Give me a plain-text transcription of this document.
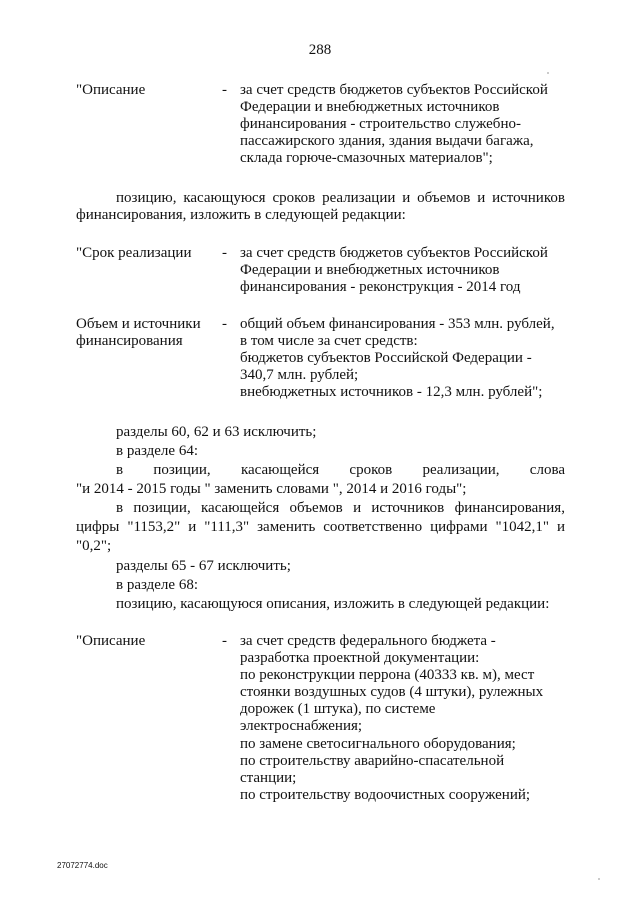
288
"Описание	- за счет средств бюджетов субъектов Российской
Федерации и внебюджетных источников
финансирования - строительство служебно-
пассажирского здания, здания выдачи багажа,
склада горюче-смазочных материалов";
позицию, касающуюся сроков реализации и объемов и источников
финансирования, изложить в следующей редакции:
"Срок реализации - за счет средств бюджетов субъектов Российской
Федерации и внебюджетных источников
финансирования - реконструкция - 2014 год
Объем и источники
финансирования
- общий объем финансирования - 353 млн. рублей,
в том числе за счет средств:
бюджетов субъектов Российской Федерации -
340,7 млн. рублей;
внебюджетных источников - 12,3 млн. рублей";
разделы 60, 62 и 63 исключить;
в разделе 64:
в позиции, касающейся сроков реализации, слова
"и 2014 - 2015 годы " заменить словами ", 2014 и 2016 годы";
в позиции, касающейся объемов и источников финансирования,
цифры "1153,2" и "111,3" заменить соответственно цифрами "1042,1" и
"0,2";
разделы 65 - 67 исключить;
в разделе 68:
позицию, касающуюся описания, изложить в следующей редакции:
"Описание	- за счет средств федерального бюджета -
разработка проектной документации:
по реконструкции перрона (40333 кв. м), мест
стоянки воздушных судов (4 штуки), рулежных
дорожек (1 штука), по системе
электроснабжения;
по замене светосигнального оборудования;
по строительству аварийно-спасательной
станции;
по строительству водоочистных сооружений;
27072774.doc
